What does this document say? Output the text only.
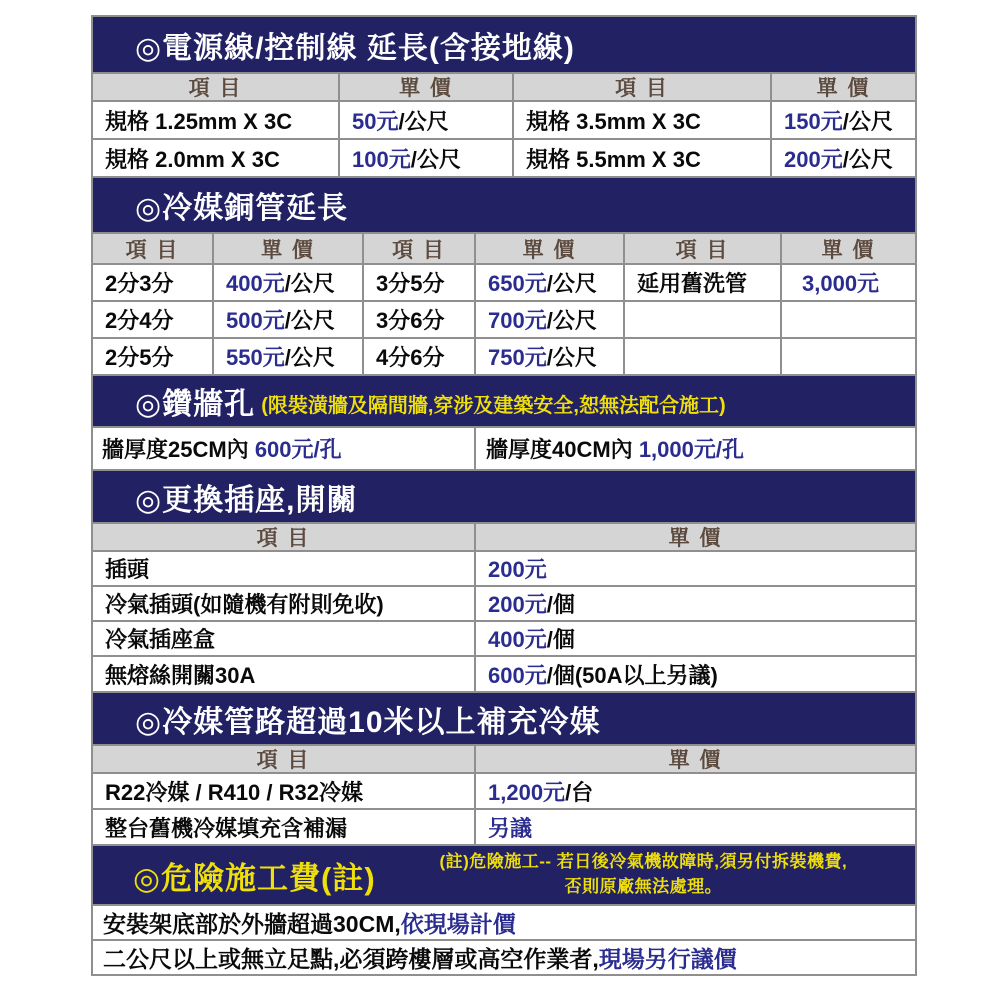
◎電源線/控制線 延長(含接地線)
項 目	單 價	項 目	單 價
規格 1.25mm X 3C	50元 /公尺	規格 3.5mm X 3C	150元 /公尺
規格 2.0mm X 3C	100元 /公尺	規格 5.5mm X 3C	200元 /公尺
◎冷媒銅管延長
項 目	單 價	項 目	單 價	項 目	單 價
2分3分 400元 /公尺 3分5分 650元 /公尺 延用舊洗管 3,000元
2分4分 500元 /公尺 3分6分 700元 /公尺
2分5分 550元 /公尺 4分6分 750元 /公尺
◎鑽牆孔 (限裝潢牆及隔間牆,穿涉及建築安全,恕無法配合施工)
牆厚度25CM內 600元/孔	牆厚度40CM內 1,000元/孔
◎更換插座,開關
項 目	單 價
插頭	200元
冷氣插頭(如隨機有附則免收)	200元 /個
冷氣插座盒	400元 /個
無熔絲開關30A	600元 /個(50A以上另議)
◎冷媒管路超過10米以上補充冷媒
項 目	單 價
R22冷媒 / R410 / R32冷媒	1,200元 /台
整台舊機冷媒填充含補漏	另議
◎危險施工費(註)	(註)危險施工-- 若日後冷氣機故障時,須另付拆裝機費,
否則原廠無法處理。
安裝架底部於外牆超過30CM, 依現場計價
二公尺以上或無立足點,必須跨樓層或高空作業者, 現場另行議價
